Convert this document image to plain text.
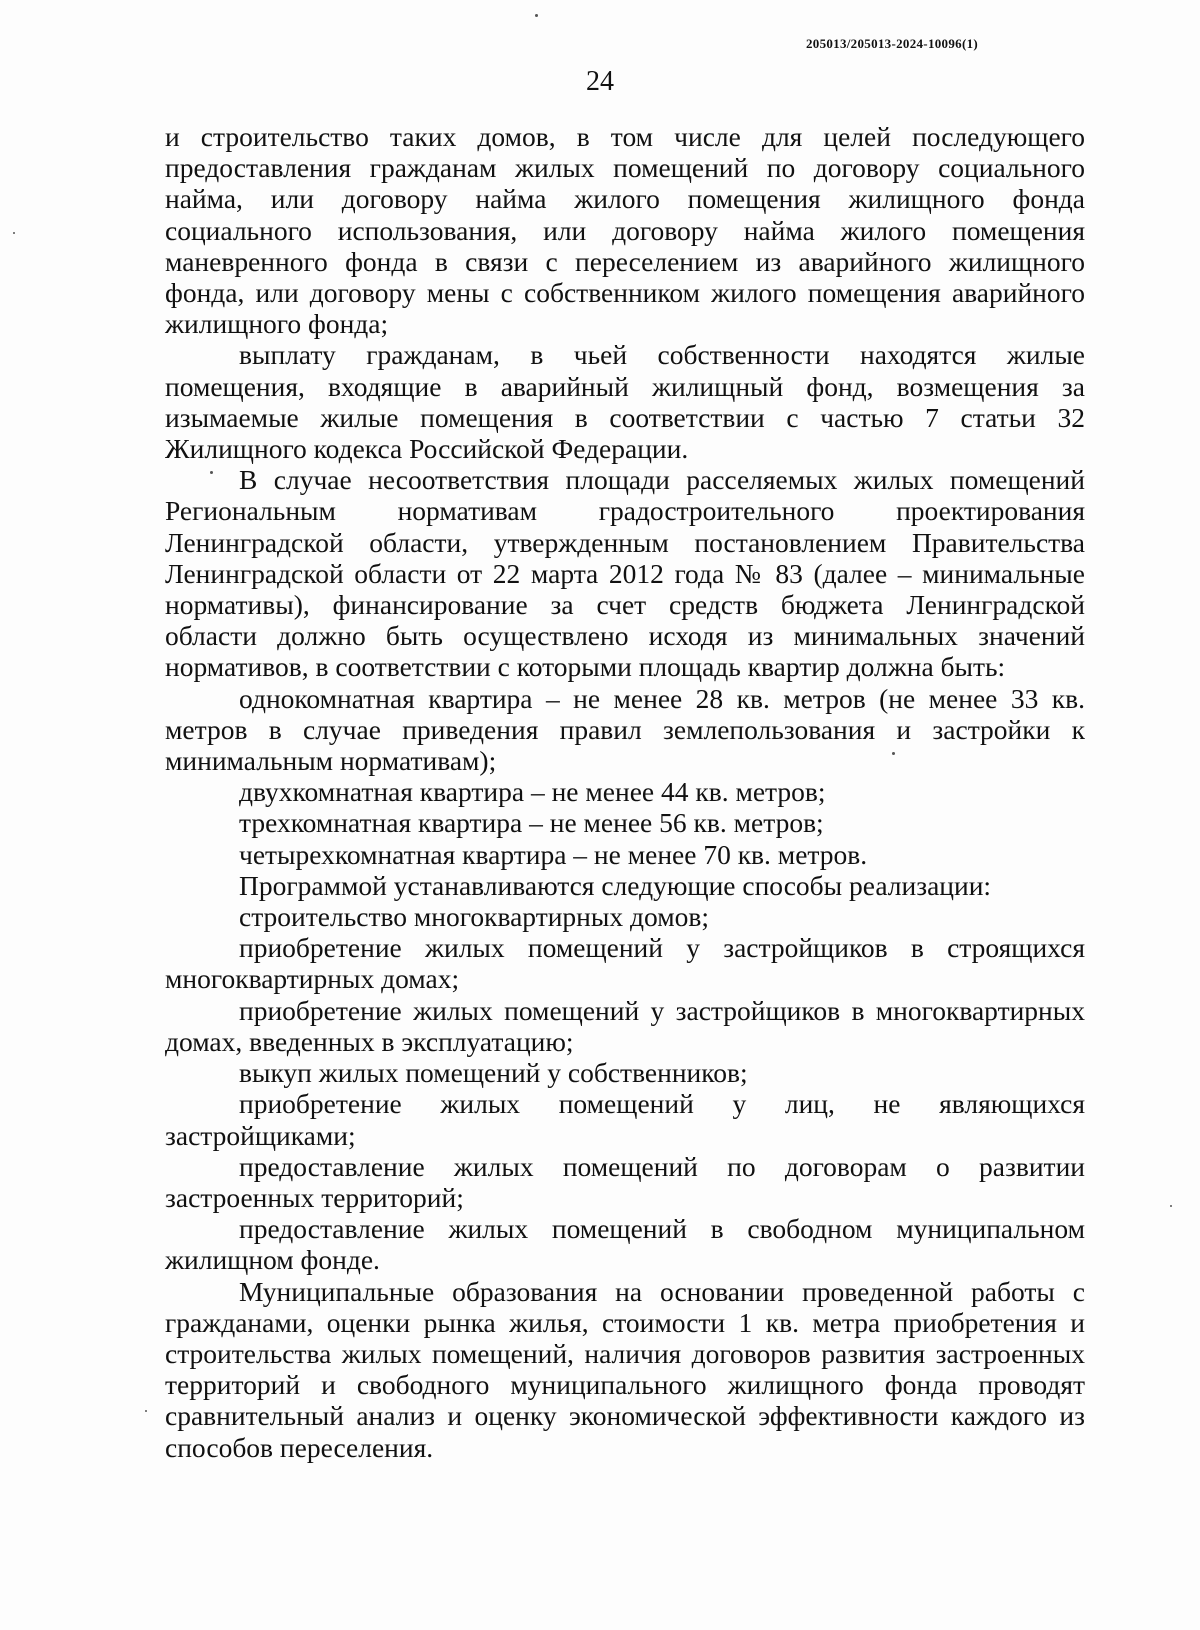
205013/205013-2024-10096(1)
24

и строительство таких домов, в том числе для целей последующего предоставления гражданам жилых помещений по договору социального найма, или договору найма жилого помещения жилищного фонда социального использования, или договору найма жилого помещения маневренного фонда в связи с переселением из аварийного жилищного фонда, или договору мены с собственником жилого помещения аварийного жилищного фонда;

выплату гражданам, в чьей собственности находятся жилые помещения, входящие в аварийный жилищный фонд, возмещения за изымаемые жилые помещения в соответствии с частью 7 статьи 32 Жилищного кодекса Российской Федерации.

В случае несоответствия площади расселяемых жилых помещений Региональным нормативам градостроительного проектирования Ленинградской области, утвержденным постановлением Правительства Ленинградской области от 22 марта 2012 года № 83 (далее – минимальные нормативы), финансирование за счет средств бюджета Ленинградской области должно быть осуществлено исходя из минимальных значений нормативов, в соответствии с которыми площадь квартир должна быть:

однокомнатная квартира – не менее 28 кв. метров (не менее 33 кв. метров в случае приведения правил землепользования и застройки к минимальным нормативам);

двухкомнатная квартира – не менее 44 кв. метров;

трехкомнатная квартира – не менее 56 кв. метров;

четырехкомнатная квартира – не менее 70 кв. метров.

Программой устанавливаются следующие способы реализации:

строительство многоквартирных домов;

приобретение жилых помещений у застройщиков в строящихся многоквартирных домах;

приобретение жилых помещений у застройщиков в многоквартирных домах, введенных в эксплуатацию;

выкуп жилых помещений у собственников;

приобретение жилых помещений у лиц, не являющихся застройщиками;

предоставление жилых помещений по договорам о развитии застроенных территорий;

предоставление жилых помещений в свободном муниципальном жилищном фонде.

Муниципальные образования на основании проведенной работы с гражданами, оценки рынка жилья, стоимости 1 кв. метра приобретения и строительства жилых помещений, наличия договоров развития застроенных территорий и свободного муниципального жилищного фонда проводят сравнительный анализ и оценку экономической эффективности каждого из способов переселения.
